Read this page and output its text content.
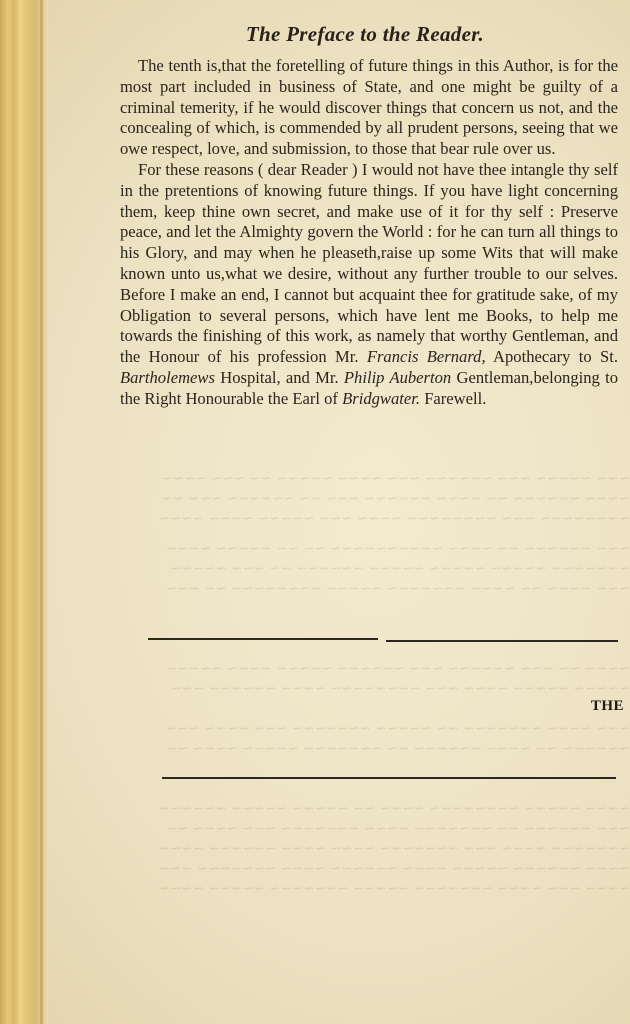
~~~ ~~~~~ ~~~ ~~~~~~ ~~~ ~~~~ ~~~~~ ~~ ~~~ ~~~~
~~~~ ~~~~~~ ~~ ~~~~ ~~~~~~ ~~~ ~~ ~~~~~~ ~~~ ~~
~~~~~~~~ ~~~ ~~~~~~~~ ~~~~ ~~~ ~~~~~ ~~~~ ~~~~
~~~ ~~~~~~ ~~ ~~~~ ~~~~~~~~~~ ~~ ~~ ~~~~~ ~~~~
~~~~~~~ ~~~~~ ~~~~~ ~~~~~ ~~~~~~ ~~ ~~~ ~~~~~
~~~ ~~~~ ~~ ~~~~ ~~~~~~~ ~~~~~ ~~~~~~~~ ~~ ~~~
~~~~ ~~ ~~~ ~~~~~~ ~~~ ~~~~~~ ~~~~~ ~~~~ ~~~~~
~~~~~ ~~~~~ ~~~~ ~~~ ~~~~~~~~ ~~~~ ~~~~~~ ~~~
~~~ ~~~~ ~~~~~~~ ~~ ~~~~~ ~~~~~~~ ~~~ ~~~~ ~~~
~~~~~~ ~~ ~~~~ ~~~~~~ ~~ ~~~~~~~ ~~~~~ ~~~~ ~~
~~~~ ~~~~~ ~~~~~~~~ ~~~~ ~~ ~~~~~ ~~~~~ ~~~~~~
~~~ ~~~~~~ ~~ ~~~~~~~ ~~~~ ~~~~~~~ ~~~ ~~~~ ~~
~~~~~~~ ~~~~ ~~~ ~~~~~~~ ~~~~ ~~~~ ~~~~~~ ~~~~
~~~~ ~~~~~~ ~~~~~ ~~~~ ~~~~~~ ~~~~ ~~~~~~~ ~~~
~~~~ ~~~ ~~~~ ~~~~~~~ ~~~~~ ~~~~~~~ ~~~~~ ~~~~
The Preface to the Reader.

The tenth is,that the foretelling of future things in this Author, is for the most part included in business of State, and one might be guilty of a criminal temerity, if he would discover things that concern us not, and the concealing of which, is commended by all prudent persons, seeing that we owe respect, love, and submission, to those that bear rule over us.

For these reasons ( dear Reader ) I would not have thee intangle thy self in the pretentions of knowing future things. If you have light concerning them, keep thine own secret, and make use of it for thy self : Preserve peace, and let the Almighty govern the World : for he can turn all things to his Glory, and may when he pleaseth,raise up some Wits that will make known unto us,what we desire, without any further trouble to our selves. Before I make an end, I cannot but acquaint thee for gratitude sake, of my Obligation to several persons, which have lent me Books, to help me towards the finishing of this work, as namely that worthy Gentleman, and the Honour of his profession Mr. Francis Bernard, Apothecary to St. Bartholemews Hospital, and Mr. Philip Auberton Gentleman,belonging to the Right Honourable the Earl of Bridgwater. Farewell.

THE
